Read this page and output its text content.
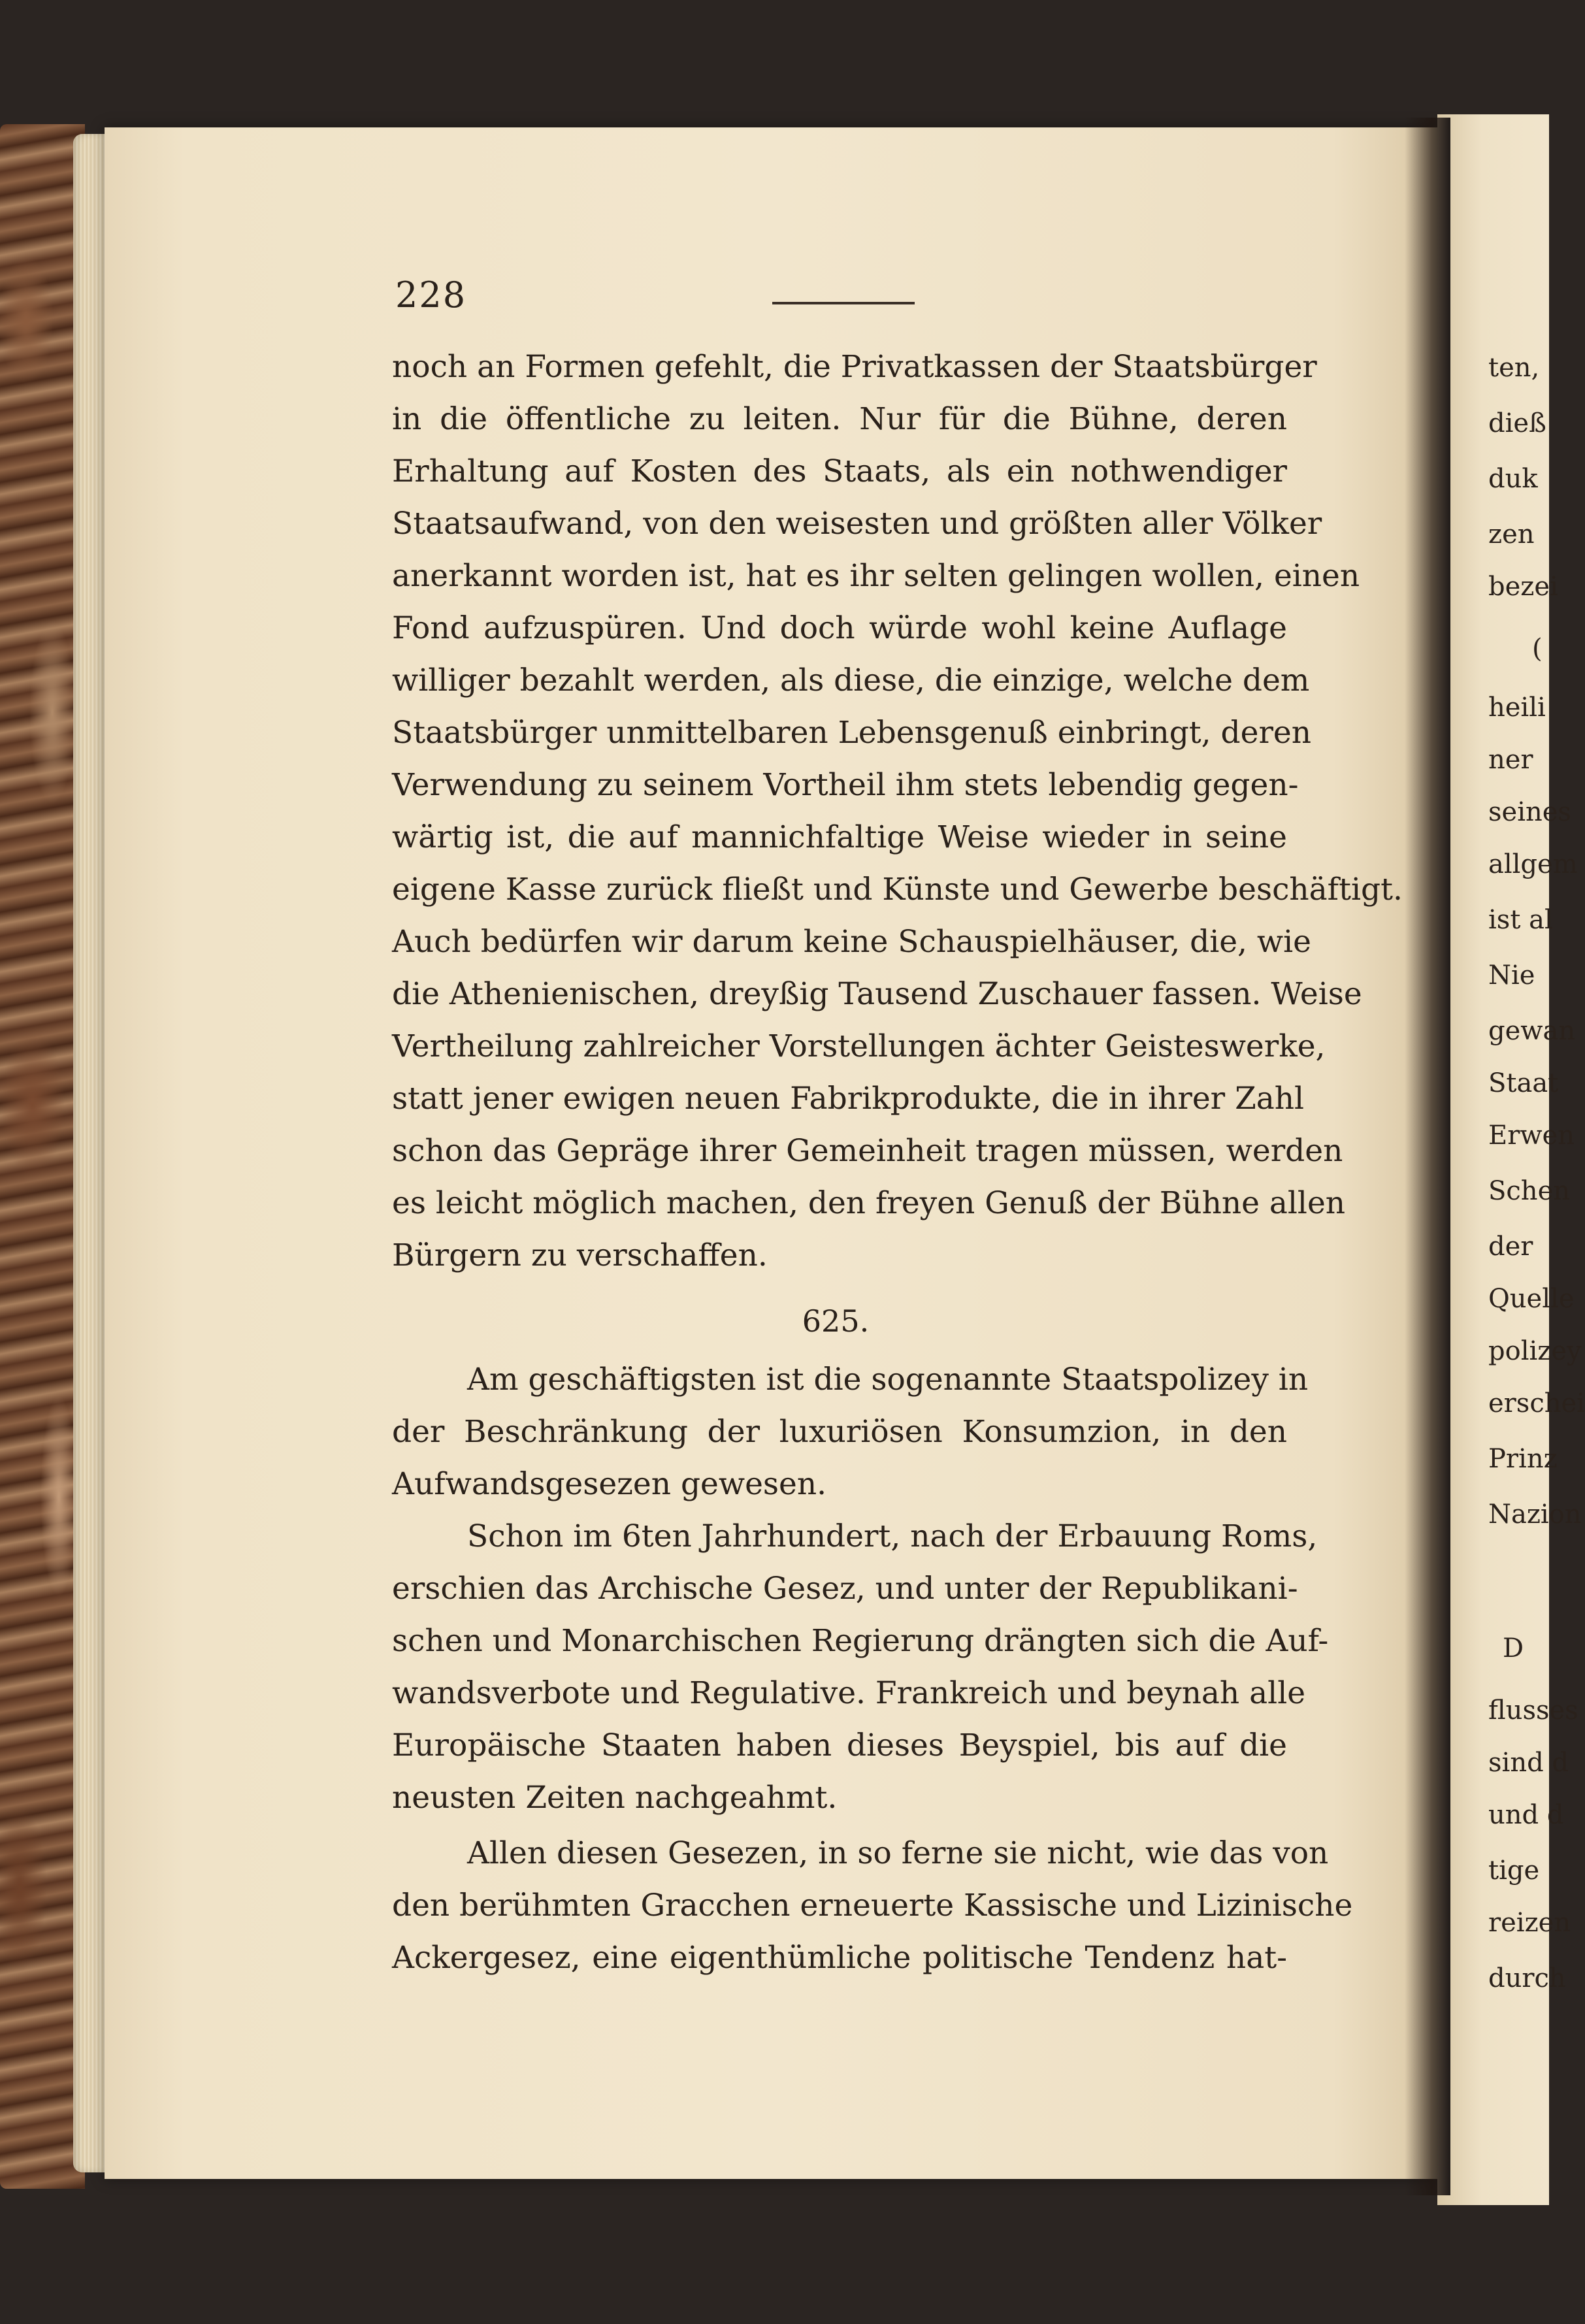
228
noch an Formen gefehlt, die Privatkassen der Staatsbürger
in die öffentliche zu leiten. Nur für die Bühne, deren
Erhaltung auf Kosten des Staats, als ein nothwendiger
Staatsaufwand, von den weisesten und größten aller Völker
anerkannt worden ist, hat es ihr selten gelingen wollen, einen
Fond aufzuspüren. Und doch würde wohl keine Auflage
williger bezahlt werden, als diese, die einzige, welche dem
Staatsbürger unmittelbaren Lebensgenuß einbringt, deren
Verwendung zu seinem Vortheil ihm stets lebendig gegen-
wärtig ist, die auf mannichfaltige Weise wieder in seine
eigene Kasse zurück fließt und Künste und Gewerbe beschäftigt.
Auch bedürfen wir darum keine Schauspielhäuser, die, wie
die Athenienischen, dreyßig Tausend Zuschauer fassen. Weise
Vertheilung zahlreicher Vorstellungen ächter Geisteswerke,
statt jener ewigen neuen Fabrikprodukte, die in ihrer Zahl
schon das Gepräge ihrer Gemeinheit tragen müssen, werden
es leicht möglich machen, den freyen Genuß der Bühne allen
Bürgern zu verschaffen.
625.
Am geschäftigsten ist die sogenannte Staatspolizey in
der Beschränkung der luxuriösen Konsumzion, in den
Aufwandsgesezen gewesen.
Schon im 6ten Jahrhundert, nach der Erbauung Roms,
erschien das Archische Gesez, und unter der Republikani-
schen und Monarchischen Regierung drängten sich die Auf-
wandsverbote und Regulative. Frankreich und beynah alle
Europäische Staaten haben dieses Beyspiel, bis auf die
neusten Zeiten nachgeahmt.
Allen diesen Gesezen, in so ferne sie nicht, wie das von
den berühmten Gracchen erneuerte Kassische und Lizinische
Ackergesez, eine eigenthümliche politische Tendenz hat-
ten,
dieß
duk
zen
bezei
(
heili
ner
seines
allgem
ist al
Nie
gewan
Staat
Erwen
Schen
der
Quelle
polizey
erschei
Prinz
Nazion
D
flusses
sind d
und d
tige
reizen
durch
